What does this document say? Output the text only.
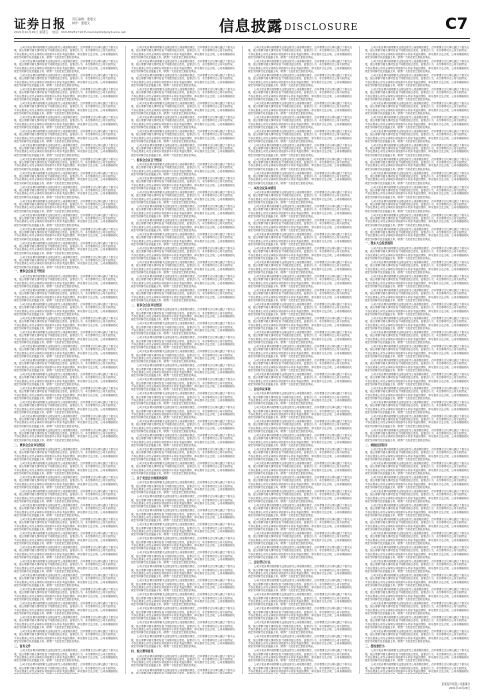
证券日报 责任编辑：董蕴文
制作：董蕴文
2021年10月29日 星期五 电话：010-83251716 E-mail:zqrb9@zqrb.sina.net	信息披露DISCLOSURE	C7

公司于报告期内按照相关法律法规及公司章程的规定，召开董事会会议审议通过了相关议案，独立董事对相关事项发表了同意的独立意见。监事会认为，本次事项符合公司实际情况，不存在损害公司及全体股东特别是中小股东利益的情形，审议程序合法合规。公司将根据相关规定及时履行信息披露义务，敬请广大投资者注意投资风险。

公司于报告期内按照相关法律法规及公司章程的规定，召开董事会会议审议通过了相关议案，独立董事对相关事项发表了同意的独立意见。监事会认为，本次事项符合公司实际情况，不存在损害公司及全体股东特别是中小股东利益的情形，审议程序合法合规。公司将根据相关规定及时履行信息披露义务，敬请广大投资者注意投资风险。

公司于报告期内按照相关法律法规及公司章程的规定，召开董事会会议审议通过了相关议案，独立董事对相关事项发表了同意的独立意见。监事会认为，本次事项符合公司实际情况，不存在损害公司及全体股东特别是中小股东利益的情形，审议程序合法合规。公司将根据相关规定及时履行信息披露义务，敬请广大投资者注意投资风险。

公司于报告期内按照相关法律法规及公司章程的规定，召开董事会会议审议通过了相关议案，独立董事对相关事项发表了同意的独立意见。监事会认为，本次事项符合公司实际情况，不存在损害公司及全体股东特别是中小股东利益的情形，审议程序合法合规。公司将根据相关规定及时履行信息披露义务，敬请广大投资者注意投资风险。

公司于报告期内按照相关法律法规及公司章程的规定，召开董事会会议审议通过了相关议案，独立董事对相关事项发表了同意的独立意见。监事会认为，本次事项符合公司实际情况，不存在损害公司及全体股东特别是中小股东利益的情形，审议程序合法合规。公司将根据相关规定及时履行信息披露义务，敬请广大投资者注意投资风险。

公司于报告期内按照相关法律法规及公司章程的规定，召开董事会会议审议通过了相关议案，独立董事对相关事项发表了同意的独立意见。监事会认为，本次事项符合公司实际情况，不存在损害公司及全体股东特别是中小股东利益的情形，审议程序合法合规。公司将根据相关规定及时履行信息披露义务，敬请广大投资者注意投资风险。

公司于报告期内按照相关法律法规及公司章程的规定，召开董事会会议审议通过了相关议案，独立董事对相关事项发表了同意的独立意见。监事会认为，本次事项符合公司实际情况，不存在损害公司及全体股东特别是中小股东利益的情形，审议程序合法合规。公司将根据相关规定及时履行信息披露义务，敬请广大投资者注意投资风险。

公司于报告期内按照相关法律法规及公司章程的规定，召开董事会会议审议通过了相关议案，独立董事对相关事项发表了同意的独立意见。监事会认为，本次事项符合公司实际情况，不存在损害公司及全体股东特别是中小股东利益的情形，审议程序合法合规。公司将根据相关规定及时履行信息披露义务，敬请广大投资者注意投资风险。

公司于报告期内按照相关法律法规及公司章程的规定，召开董事会会议审议通过了相关议案，独立董事对相关事项发表了同意的独立意见。监事会认为，本次事项符合公司实际情况，不存在损害公司及全体股东特别是中小股东利益的情形，审议程序合法合规。公司将根据相关规定及时履行信息披露义务，敬请广大投资者注意投资风险。

公司于报告期内按照相关法律法规及公司章程的规定，召开董事会会议审议通过了相关议案，独立董事对相关事项发表了同意的独立意见。监事会认为，本次事项符合公司实际情况，不存在损害公司及全体股东特别是中小股东利益的情形，审议程序合法合规。公司将根据相关规定及时履行信息披露义务，敬请广大投资者注意投资风险。

公司于报告期内按照相关法律法规及公司章程的规定，召开董事会会议审议通过了相关议案，独立董事对相关事项发表了同意的独立意见。监事会认为，本次事项符合公司实际情况，不存在损害公司及全体股东特别是中小股东利益的情形，审议程序合法合规。公司将根据相关规定及时履行信息披露义务，敬请广大投资者注意投资风险。

公司于报告期内按照相关法律法规及公司章程的规定，召开董事会会议审议通过了相关议案，独立董事对相关事项发表了同意的独立意见。监事会认为，本次事项符合公司实际情况，不存在损害公司及全体股东特别是中小股东利益的情形，审议程序合法合规。公司将根据相关规定及时履行信息披露义务，敬请广大投资者注意投资风险。

公司于报告期内按照相关法律法规及公司章程的规定，召开董事会会议审议通过了相关议案，独立董事对相关事项发表了同意的独立意见。监事会认为，本次事项符合公司实际情况，不存在损害公司及全体股东特别是中小股东利益的情形，审议程序合法合规。公司将根据相关规定及时履行信息披露义务，敬请广大投资者注意投资风险。

公司于报告期内按照相关法律法规及公司章程的规定，召开董事会会议审议通过了相关议案，独立董事对相关事项发表了同意的独立意见。监事会认为，本次事项符合公司实际情况，不存在损害公司及全体股东特别是中小股东利益的情形，审议程序合法合规。公司将根据相关规定及时履行信息披露义务，敬请广大投资者注意投资风险。

公司于报告期内按照相关法律法规及公司章程的规定，召开董事会会议审议通过了相关议案，独立董事对相关事项发表了同意的独立意见。监事会认为，本次事项符合公司实际情况，不存在损害公司及全体股东特别是中小股东利益的情形，审议程序合法合规。公司将根据相关规定及时履行信息披露义务，敬请广大投资者注意投资风险。

公司于报告期内按照相关法律法规及公司章程的规定，召开董事会会议审议通过了相关议案，独立董事对相关事项发表了同意的独立意见。监事会认为，本次事项符合公司实际情况，不存在损害公司及全体股东特别是中小股东利益的情形，审议程序合法合规。公司将根据相关规定及时履行信息披露义务，敬请广大投资者注意投资风险。

一、董事会会议召开情况

公司于报告期内按照相关法律法规及公司章程的规定，召开董事会会议审议通过了相关议案，独立董事对相关事项发表了同意的独立意见。监事会认为，本次事项符合公司实际情况，不存在损害公司及全体股东特别是中小股东利益的情形，审议程序合法合规。公司将根据相关规定及时履行信息披露义务，敬请广大投资者注意投资风险。

公司于报告期内按照相关法律法规及公司章程的规定，召开董事会会议审议通过了相关议案，独立董事对相关事项发表了同意的独立意见。监事会认为，本次事项符合公司实际情况，不存在损害公司及全体股东特别是中小股东利益的情形，审议程序合法合规。公司将根据相关规定及时履行信息披露义务，敬请广大投资者注意投资风险。

公司于报告期内按照相关法律法规及公司章程的规定，召开董事会会议审议通过了相关议案，独立董事对相关事项发表了同意的独立意见。监事会认为，本次事项符合公司实际情况，不存在损害公司及全体股东特别是中小股东利益的情形，审议程序合法合规。公司将根据相关规定及时履行信息披露义务，敬请广大投资者注意投资风险。

公司于报告期内按照相关法律法规及公司章程的规定，召开董事会会议审议通过了相关议案，独立董事对相关事项发表了同意的独立意见。监事会认为，本次事项符合公司实际情况，不存在损害公司及全体股东特别是中小股东利益的情形，审议程序合法合规。公司将根据相关规定及时履行信息披露义务，敬请广大投资者注意投资风险。

公司于报告期内按照相关法律法规及公司章程的规定，召开董事会会议审议通过了相关议案，独立董事对相关事项发表了同意的独立意见。监事会认为，本次事项符合公司实际情况，不存在损害公司及全体股东特别是中小股东利益的情形，审议程序合法合规。公司将根据相关规定及时履行信息披露义务，敬请广大投资者注意投资风险。

公司于报告期内按照相关法律法规及公司章程的规定，召开董事会会议审议通过了相关议案，独立董事对相关事项发表了同意的独立意见。监事会认为，本次事项符合公司实际情况，不存在损害公司及全体股东特别是中小股东利益的情形，审议程序合法合规。公司将根据相关规定及时履行信息披露义务，敬请广大投资者注意投资风险。

公司于报告期内按照相关法律法规及公司章程的规定，召开董事会会议审议通过了相关议案，独立董事对相关事项发表了同意的独立意见。监事会认为，本次事项符合公司实际情况，不存在损害公司及全体股东特别是中小股东利益的情形，审议程序合法合规。公司将根据相关规定及时履行信息披露义务，敬请广大投资者注意投资风险。

公司于报告期内按照相关法律法规及公司章程的规定，召开董事会会议审议通过了相关议案，独立董事对相关事项发表了同意的独立意见。监事会认为，本次事项符合公司实际情况，不存在损害公司及全体股东特别是中小股东利益的情形，审议程序合法合规。公司将根据相关规定及时履行信息披露义务，敬请广大投资者注意投资风险。

公司于报告期内按照相关法律法规及公司章程的规定，召开董事会会议审议通过了相关议案，独立董事对相关事项发表了同意的独立意见。监事会认为，本次事项符合公司实际情况，不存在损害公司及全体股东特别是中小股东利益的情形，审议程序合法合规。公司将根据相关规定及时履行信息披露义务，敬请广大投资者注意投资风险。

公司于报告期内按照相关法律法规及公司章程的规定，召开董事会会议审议通过了相关议案，独立董事对相关事项发表了同意的独立意见。监事会认为，本次事项符合公司实际情况，不存在损害公司及全体股东特别是中小股东利益的情形，审议程序合法合规。公司将根据相关规定及时履行信息披露义务，敬请广大投资者注意投资风险。

公司于报告期内按照相关法律法规及公司章程的规定，召开董事会会议审议通过了相关议案，独立董事对相关事项发表了同意的独立意见。监事会认为，本次事项符合公司实际情况，不存在损害公司及全体股东特别是中小股东利益的情形，审议程序合法合规。公司将根据相关规定及时履行信息披露义务，敬请广大投资者注意投资风险。

公司于报告期内按照相关法律法规及公司章程的规定，召开董事会会议审议通过了相关议案，独立董事对相关事项发表了同意的独立意见。监事会认为，本次事项符合公司实际情况，不存在损害公司及全体股东特别是中小股东利益的情形，审议程序合法合规。公司将根据相关规定及时履行信息披露义务，敬请广大投资者注意投资风险。

二、董事会会议审议情况

公司于报告期内按照相关法律法规及公司章程的规定，召开董事会会议审议通过了相关议案，独立董事对相关事项发表了同意的独立意见。监事会认为，本次事项符合公司实际情况，不存在损害公司及全体股东特别是中小股东利益的情形，审议程序合法合规。公司将根据相关规定及时履行信息披露义务，敬请广大投资者注意投资风险。

公司于报告期内按照相关法律法规及公司章程的规定，召开董事会会议审议通过了相关议案，独立董事对相关事项发表了同意的独立意见。监事会认为，本次事项符合公司实际情况，不存在损害公司及全体股东特别是中小股东利益的情形，审议程序合法合规。公司将根据相关规定及时履行信息披露义务，敬请广大投资者注意投资风险。

公司于报告期内按照相关法律法规及公司章程的规定，召开董事会会议审议通过了相关议案，独立董事对相关事项发表了同意的独立意见。监事会认为，本次事项符合公司实际情况，不存在损害公司及全体股东特别是中小股东利益的情形，审议程序合法合规。公司将根据相关规定及时履行信息披露义务，敬请广大投资者注意投资风险。

公司于报告期内按照相关法律法规及公司章程的规定，召开董事会会议审议通过了相关议案，独立董事对相关事项发表了同意的独立意见。监事会认为，本次事项符合公司实际情况，不存在损害公司及全体股东特别是中小股东利益的情形，审议程序合法合规。公司将根据相关规定及时履行信息披露义务，敬请广大投资者注意投资风险。

公司于报告期内按照相关法律法规及公司章程的规定，召开董事会会议审议通过了相关议案，独立董事对相关事项发表了同意的独立意见。监事会认为，本次事项符合公司实际情况，不存在损害公司及全体股东特别是中小股东利益的情形，审议程序合法合规。公司将根据相关规定及时履行信息披露义务，敬请广大投资者注意投资风险。

公司于报告期内按照相关法律法规及公司章程的规定，召开董事会会议审议通过了相关议案，独立董事对相关事项发表了同意的独立意见。监事会认为，本次事项符合公司实际情况，不存在损害公司及全体股东特别是中小股东利益的情形，审议程序合法合规。公司将根据相关规定及时履行信息披露义务，敬请广大投资者注意投资风险。

公司于报告期内按照相关法律法规及公司章程的规定，召开董事会会议审议通过了相关议案，独立董事对相关事项发表了同意的独立意见。监事会认为，本次事项符合公司实际情况，不存在损害公司及全体股东特别是中小股东利益的情形，审议程序合法合规。公司将根据相关规定及时履行信息披露义务，敬请广大投资者注意投资风险。

公司于报告期内按照相关法律法规及公司章程的规定，召开董事会会议审议通过了相关议案，独立董事对相关事项发表了同意的独立意见。监事会认为，本次事项符合公司实际情况，不存在损害公司及全体股东特别是中小股东利益的情形，审议程序合法合规。公司将根据相关规定及时履行信息披露义务，敬请广大投资者注意投资风险。

公司于报告期内按照相关法律法规及公司章程的规定，召开董事会会议审议通过了相关议案，独立董事对相关事项发表了同意的独立意见。监事会认为，本次事项符合公司实际情况，不存在损害公司及全体股东特别是中小股东利益的情形，审议程序合法合规。公司将根据相关规定及时履行信息披露义务，敬请广大投资者注意投资风险。

公司于报告期内按照相关法律法规及公司章程的规定，召开董事会会议审议通过了相关议案，独立董事对相关事项发表了同意的独立意见。监事会认为，本次事项符合公司实际情况，不存在损害公司及全体股东特别是中小股东利益的情形，审议程序合法合规。公司将根据相关规定及时履行信息披露义务，敬请广大投资者注意投资风险。

公司于报告期内按照相关法律法规及公司章程的规定，召开董事会会议审议通过了相关议案，独立董事对相关事项发表了同意的独立意见。监事会认为，本次事项符合公司实际情况，不存在损害公司及全体股东特别是中小股东利益的情形，审议程序合法合规。公司将根据相关规定及时履行信息披露义务，敬请广大投资者注意投资风险。

公司于报告期内按照相关法律法规及公司章程的规定，召开董事会会议审议通过了相关议案，独立董事对相关事项发表了同意的独立意见。监事会认为，本次事项符合公司实际情况，不存在损害公司及全体股东特别是中小股东利益的情形，审议程序合法合规。公司将根据相关规定及时履行信息披露义务，敬请广大投资者注意投资风险。

公司于报告期内按照相关法律法规及公司章程的规定，召开董事会会议审议通过了相关议案，独立董事对相关事项发表了同意的独立意见。监事会认为，本次事项符合公司实际情况，不存在损害公司及全体股东特别是中小股东利益的情形，审议程序合法合规。公司将根据相关规定及时履行信息披露义务，敬请广大投资者注意投资风险。

公司于报告期内按照相关法律法规及公司章程的规定，召开董事会会议审议通过了相关议案，独立董事对相关事项发表了同意的独立意见。监事会认为，本次事项符合公司实际情况，不存在损害公司及全体股东特别是中小股东利益的情形，审议程序合法合规。公司将根据相关规定及时履行信息披露义务，敬请广大投资者注意投资风险。

三、备查文件

公司于报告期内按照相关法律法规及公司章程的规定，召开董事会会议审议通过了相关议案，独立董事对相关事项发表了同意的独立意见。监事会认为，本次事项符合公司实际情况，不存在损害公司及全体股东特别是中小股东利益的情形，审议程序合法合规。公司将根据相关规定及时履行信息披露义务，敬请广大投资者注意投资风险。

公司于报告期内按照相关法律法规及公司章程的规定，召开董事会会议审议通过了相关议案，独立董事对相关事项发表了同意的独立意见。监事会认为，本次事项符合公司实际情况，不存在损害公司及全体股东特别是中小股东利益的情形，审议程序合法合规。公司将根据相关

公司于报告期内按照相关法律法规及公司章程的规定，召开董事会会议审议通过了相关议案，独立董事对相关事项发表了同意的独立意见。监事会认为，本次事项符合公司实际情况，不存在损害公司及全体股东特别是中小股东利益的情形，审议程序合法合规。公司将根据相关规定及时履行信息披露义务，敬请广大投资者注意投资风险。

公司于报告期内按照相关法律法规及公司章程的规定，召开董事会会议审议通过了相关议案，独立董事对相关事项发表了同意的独立意见。监事会认为，本次事项符合公司实际情况，不存在损害公司及全体股东特别是中小股东利益的情形，审议程序合法合规。公司将根据相关规定及时履行信息披露义务，敬请广大投资者注意投资风险。

公司于报告期内按照相关法律法规及公司章程的规定，召开董事会会议审议通过了相关议案，独立董事对相关事项发表了同意的独立意见。监事会认为，本次事项符合公司实际情况，不存在损害公司及全体股东特别是中小股东利益的情形，审议程序合法合规。公司将根据相关规定及时履行信息披露义务，敬请广大投资者注意投资风险。

公司于报告期内按照相关法律法规及公司章程的规定，召开董事会会议审议通过了相关议案，独立董事对相关事项发表了同意的独立意见。监事会认为，本次事项符合公司实际情况，不存在损害公司及全体股东特别是中小股东利益的情形，审议程序合法合规。公司将根据相关规定及时履行信息披露义务，敬请广大投资者注意投资风险。

公司于报告期内按照相关法律法规及公司章程的规定，召开董事会会议审议通过了相关议案，独立董事对相关事项发表了同意的独立意见。监事会认为，本次事项符合公司实际情况，不存在损害公司及全体股东特别是中小股东利益的情形，审议程序合法合规。公司将根据相关规定及时履行信息披露义务，敬请广大投资者注意投资风险。

公司于报告期内按照相关法律法规及公司章程的规定，召开董事会会议审议通过了相关议案，独立董事对相关事项发表了同意的独立意见。监事会认为，本次事项符合公司实际情况，不存在损害公司及全体股东特别是中小股东利益的情形，审议程序合法合规。公司将根据相关规定及时履行信息披露义务，敬请广大投资者注意投资风险。

公司于报告期内按照相关法律法规及公司章程的规定，召开董事会会议审议通过了相关议案，独立董事对相关事项发表了同意的独立意见。监事会认为，本次事项符合公司实际情况，不存在损害公司及全体股东特别是中小股东利益的情形，审议程序合法合规。公司将根据相关规定及时履行信息披露义务，敬请广大投资者注意投资风险。

公司于报告期内按照相关法律法规及公司章程的规定，召开董事会会议审议通过了相关议案，独立董事对相关事项发表了同意的独立意见。监事会认为，本次事项符合公司实际情况，不存在损害公司及全体股东特别是中小股东利益的情形，审议程序合法合规。公司将根据相关规定及时履行信息披露义务，敬请广大投资者注意投资风险。

一、监事会会议召开情况

公司于报告期内按照相关法律法规及公司章程的规定，召开董事会会议审议通过了相关议案，独立董事对相关事项发表了同意的独立意见。监事会认为，本次事项符合公司实际情况，不存在损害公司及全体股东特别是中小股东利益的情形，审议程序合法合规。公司将根据相关规定及时履行信息披露义务，敬请广大投资者注意投资风险。

公司于报告期内按照相关法律法规及公司章程的规定，召开董事会会议审议通过了相关议案，独立董事对相关事项发表了同意的独立意见。监事会认为，本次事项符合公司实际情况，不存在损害公司及全体股东特别是中小股东利益的情形，审议程序合法合规。公司将根据相关规定及时履行信息披露义务，敬请广大投资者注意投资风险。

公司于报告期内按照相关法律法规及公司章程的规定，召开董事会会议审议通过了相关议案，独立董事对相关事项发表了同意的独立意见。监事会认为，本次事项符合公司实际情况，不存在损害公司及全体股东特别是中小股东利益的情形，审议程序合法合规。公司将根据相关规定及时履行信息披露义务，敬请广大投资者注意投资风险。

公司于报告期内按照相关法律法规及公司章程的规定，召开董事会会议审议通过了相关议案，独立董事对相关事项发表了同意的独立意见。监事会认为，本次事项符合公司实际情况，不存在损害公司及全体股东特别是中小股东利益的情形，审议程序合法合规。公司将根据相关规定及时履行信息披露义务，敬请广大投资者注意投资风险。

公司于报告期内按照相关法律法规及公司章程的规定，召开董事会会议审议通过了相关议案，独立董事对相关事项发表了同意的独立意见。监事会认为，本次事项符合公司实际情况，不存在损害公司及全体股东特别是中小股东利益的情形，审议程序合法合规。公司将根据相关规定及时履行信息披露义务，敬请广大投资者注意投资风险。

公司于报告期内按照相关法律法规及公司章程的规定，召开董事会会议审议通过了相关议案，独立董事对相关事项发表了同意的独立意见。监事会认为，本次事项符合公司实际情况，不存在损害公司及全体股东特别是中小股东利益的情形，审议程序合法合规。公司将根据相关规定及时履行信息披露义务，敬请广大投资者注意投资风险。

公司于报告期内按照相关法律法规及公司章程的规定，召开董事会会议审议通过了相关议案，独立董事对相关事项发表了同意的独立意见。监事会认为，本次事项符合公司实际情况，不存在损害公司及全体股东特别是中小股东利益的情形，审议程序合法合规。公司将根据相关规定及时履行信息披露义务，敬请广大投资者注意投资风险。

公司于报告期内按照相关法律法规及公司章程的规定，召开董事会会议审议通过了相关议案，独立董事对相关事项发表了同意的独立意见。监事会认为，本次事项符合公司实际情况，不存在损害公司及全体股东特别是中小股东利益的情形，审议程序合法合规。公司将根据相关规定及时履行信息披露义务，敬请广大投资者注意投资风险。

公司于报告期内按照相关法律法规及公司章程的规定，召开董事会会议审议通过了相关议案，独立董事对相关事项发表了同意的独立意见。监事会认为，本次事项符合公司实际情况，不存在损害公司及全体股东特别是中小股东利益的情形，审议程序合法合规。公司将根据相关规定及时履行信息披露义务，敬请广大投资者注意投资风险。

公司于报告期内按照相关法律法规及公司章程的规定，召开董事会会议审议通过了相关议案，独立董事对相关事项发表了同意的独立意见。监事会认为，本次事项符合公司实际情况，不存在损害公司及全体股东特别是中小股东利益的情形，审议程序合法合规。公司将根据相关规定及时履行信息披露义务，敬请广大投资者注意投资风险。

二、监事会会议审议情况

公司于报告期内按照相关法律法规及公司章程的规定，召开董事会会议审议通过了相关议案，独立董事对相关事项发表了同意的独立意见。监事会认为，本次事项符合公司实际情况，不存在损害公司及全体股东特别是中小股东利益的情形，审议程序合法合规。公司将根据相关规定及时履行信息披露义务，敬请广大投资者注意投资风险。

公司于报告期内按照相关法律法规及公司章程的规定，召开董事会会议审议通过了相关议案，独立董事对相关事项发表了同意的独立意见。监事会认为，本次事项符合公司实际情况，不存在损害公司及全体股东特别是中小股东利益的情形，审议程序合法合规。公司将根据相关规定及时履行信息披露义务，敬请广大投资者注意投资风险。

公司于报告期内按照相关法律法规及公司章程的规定，召开董事会会议审议通过了相关议案，独立董事对相关事项发表了同意的独立意见。监事会认为，本次事项符合公司实际情况，不存在损害公司及全体股东特别是中小股东利益的情形，审议程序合法合规。公司将根据相关规定及时履行信息披露义务，敬请广大投资者注意投资风险。

公司于报告期内按照相关法律法规及公司章程的规定，召开董事会会议审议通过了相关议案，独立董事对相关事项发表了同意的独立意见。监事会认为，本次事项符合公司实际情况，不存在损害公司及全体股东特别是中小股东利益的情形，审议程序合法合规。公司将根据相关规定及时履行信息披露义务，敬请广大投资者注意投资风险。

公司于报告期内按照相关法律法规及公司章程的规定，召开董事会会议审议通过了相关议案，独立董事对相关事项发表了同意的独立意见。监事会认为，本次事项符合公司实际情况，不存在损害公司及全体股东特别是中小股东利益的情形，审议程序合法合规。公司将根据相关规定及时履行信息披露义务，敬请广大投资者注意投资风险。

公司于报告期内按照相关法律法规及公司章程的规定，召开董事会会议审议通过了相关议案，独立董事对相关事项发表了同意的独立意见。监事会认为，本次事项符合公司实际情况，不存在损害公司及全体股东特别是中小股东利益的情形，审议程序合法合规。公司将根据相关规定及时履行信息披露义务，敬请广大投资者注意投资风险。

公司于报告期内按照相关法律法规及公司章程的规定，召开董事会会议审议通过了相关议案，独立董事对相关事项发表了同意的独立意见。监事会认为，本次事项符合公司实际情况，不存在损害公司及全体股东特别是中小股东利益的情形，审议程序合法合规。公司将根据相关规定及时履行信息披露义务，敬请广大投资者注意投资风险。

公司于报告期内按照相关法律法规及公司章程的规定，召开董事会会议审议通过了相关议案，独立董事对相关事项发表了同意的独立意见。监事会认为，本次事项符合公司实际情况，不存在损害公司及全体股东特别是中小股东利益的情形，审议程序合法合规。公司将根据相关规定及时履行信息披露义务，敬请广大投资者注意投资风险。

公司于报告期内按照相关法律法规及公司章程的规定，召开董事会会议审议通过了相关议案，独立董事对相关事项发表了同意的独立意见。监事会认为，本次事项符合公司实际情况，不存在损害公司及全体股东特别是中小股东利益的情形，审议程序合法合规。公司将根据相关规定及时履行信息披露义务，敬请广大投资者注意投资风险。

公司于报告期内按照相关法律法规及公司章程的规定，召开董事会会议审议通过了相关议案，独立董事对相关事项发表了同意的独立意见。监事会认为，本次事项符合公司实际情况，不存在损害公司及全体股东特别是中小股东利益的情形，审议程序合法合规。公司将根据相关规定及时履行信息披露义务，敬请广大投资者注意投资风险。

公司于报告期内按照相关法律法规及公司章程的规定，召开董事会会议审议通过了相关议案，独立董事对相关事项发表了同意的独立意见。监事会认为，本次事项符合公司实际情况，不存在损害公司及全体股东特别是中小股东利益的情形，审议程序合法合规。公司将根据相关规定及时履行信息披露义务，敬请广大投资者注意投资风险。

公司于报告期内按照相关法律法规及公司章程的规定，召开董事会会议审议通过了相关议案，独立董事对相关事项发表了同意的独立意见。监事会认为，本次事项符合公司实际情况，不存在损害公司及全体股东特别是中小股东利益的情形，审议程序合法合规。公司将根据相关规定及时履行信息披露义务，敬请广大投资者注意投资风险。

三、关于变更会计政策的说明

公司于报告期内按照相关法律法规及公司章程的规定，召开董事会会议审议通过了相关议案，独立董事对相关事项发表了同意的独立意见。监事会认为，本次事项符合公司实际情况，不存在损害公司及全体股东特别是中小股东利益的情形，审议程序合法合规。公司将根据相关规定及时履行信息披露义务，敬请广大投资者注意投资风险。

公司于报告期内按照相关法律法规及公司章程的规定，召开董事会会议审议通过了相关议案，独立董事对相关事项发表了同意的独立意见。监事会认为，本次事项符合公司实际情况，不存在损害公司及全体股东特别是中小股东利益的情形，审议程序合法合规。公司将根据相关规定及时履行信息披露义务，敬请广大投资者注意投资风险。

公司于报告期内按照相关法律法规及公司章程的规定，召开董事会会议审议通过了相关议案，独立董事对相关事项发表了同意的独立意见。监事会认为，本次事项符合公司实际情况，不存在损害公司及全体股东特别是中小股东利益的情形，审议程序合法合规。公司将根据相关规定及时履行信息披露义务，敬请广大投资者注意投资风险。

公司于报告期内按照相关法律法规及公司章程的规定，召开董事会会议审议通过了相关议案，独立董事对相关事项发表了同意的独立意见。监事会认为，本次事项符合公司实际情况，不存在损害公司及全体股东特别是中小股东利益的情形，审议程序合法合规。公司将根据相关规定及时履行信息披露义务，敬请广大投资者注意投资风险。

公司于报告期内按照相关法律法规及公司章程的规定，召开董事会会议审议通过了相关议案，独立董事对相关事项发表了同意的独立意见。监事会认为，本次事项符合公司实际情况，不存在损害公司及全体股东特别是中小股东利益的情形，审议程序合法合规。公司将根据相关规定及时履行信息披露义务，敬请广大投资者注意投资风险。

公司于报告期内按照相关法律法规及公司章程的规定，召开董事会会议审议通过了相关议案，独立董事对相关事项发表了同意的独立意见。监事会认为，本次事项符合公司实际情况，不存在损害公司及全体股东特别是中小股东利益的情形，审议程序合法合规。公司将根据相关规定及时履行信息披露义务，敬请广大投资者注意投资风险。

公司于报告期内按照相关法律法规及公司章程的规定，召开董事会会议审议通过了相关议案，独立董事对相关事项发表了同意的独立意见。监事会认为，本次事项符合公司实际情况，不存在损害公司及全体股东特别是中小股东利益的情形，审议程序合法合规。公司将根据相关规定及时履行信息披露义务，敬请广大投资者注意投资风险。

公司于报告期内按照相关法律法规及公司章程的规定，召开董事会会议审议通过了相关议案，独立董事对相关事项发表了同意的独立意见。监事会认为，本次事项符合公司实际情况，不存在损害公司及全体股东特别是中小股东利益的情形，审议程序合法合规。公司将根据相关规定及时履行信息披露义务，敬请广大投资者注意投资风险。

公司于报告期内按照相关法律法规及公司章程的规定，召开董事会会议审议通过了相关议案，独立董事对相关事项发表了同意的独立意见。监事会认为，本次事项符合公司实际情况，不存在损害公司及全体股东特别是中小股东利益的情形，审议程序合法合规。公司将根据相关规定及时履行信息披露义务，敬请广大投资者注意投资风险。

公司于报告期内按照相关法律法规及公司章程的规定，召开董事会会议审议通过了相关议案，独立董事对相关事项发表了同意的独立意见。监事会认为，本次事项符合公司实际情况，不存在损害公司及全体股东特别是中小股东利益的情形，审议程序合法合规。公司将根据相关规定及时履行信息披露义务，敬请广大投资者注意投资风险。

公司于报告期内按照相关法律法规及公司章程的规定，召开董事会会议审议通过了相关议案，独立董事对相关事项发表了同意的独立意见。监事会认为，本次事项符合公司实际情况，不存在损害公司及全体股东特别是中小股东利益的情形，审议程序合法合规。公司将根据相关规定及时履行信息披露义务，敬请广大投资者注意投资风险。

公司于报告期内按照相关法律法规及公司章程的规定，召开董事会会议审议通过了相关议案，独立董事对相关事项发表了同意的独立意见。监事会认为，本次事项符合公司实际情况，不存在损害公司及全体股东特别是中小股东利益的情形，审议程序合法合规。公司将根据相关规定及时履行信息披露义务，敬请广大投资者注意投资风险。

四、独立董事意见

公司于报告期内按照相关法律法规及公司章程的规定，召开董事会会议审议通过了相关议案，独立董事对相关事项发表了同意的独立意见。监事会认为，本次事项符合公司实际情况，不存在损害公司及全体股东特别是中小股东利益的情形，审议程序合法合规。公司将根据相关规定及时履行信息披露义务，敬请广大投资者注意投资风险。

公司于报告期内按照相关法律法规及公司章程的规定，召开董事会会议审议通过了相关议案，独立董事对相关事项发表了同意的独立意见。监事会认为，本次事项符合公司实际情况，

公司于报告期内按照相关法律法规及公司章程的规定，召开董事会会议审议通过了相关议案，独立董事对相关事项发表了同意的独立意见。监事会认为，本次事项符合公司实际情况，不存在损害公司及全体股东特别是中小股东利益的情形，审议程序合法合规。公司将根据相关规定及时履行信息披露义务，敬请广大投资者注意投资风险。

公司于报告期内按照相关法律法规及公司章程的规定，召开董事会会议审议通过了相关议案，独立董事对相关事项发表了同意的独立意见。监事会认为，本次事项符合公司实际情况，不存在损害公司及全体股东特别是中小股东利益的情形，审议程序合法合规。公司将根据相关规定及时履行信息披露义务，敬请广大投资者注意投资风险。

公司于报告期内按照相关法律法规及公司章程的规定，召开董事会会议审议通过了相关议案，独立董事对相关事项发表了同意的独立意见。监事会认为，本次事项符合公司实际情况，不存在损害公司及全体股东特别是中小股东利益的情形，审议程序合法合规。公司将根据相关规定及时履行信息披露义务，敬请广大投资者注意投资风险。

公司于报告期内按照相关法律法规及公司章程的规定，召开董事会会议审议通过了相关议案，独立董事对相关事项发表了同意的独立意见。监事会认为，本次事项符合公司实际情况，不存在损害公司及全体股东特别是中小股东利益的情形，审议程序合法合规。公司将根据相关规定及时履行信息披露义务，敬请广大投资者注意投资风险。

公司于报告期内按照相关法律法规及公司章程的规定，召开董事会会议审议通过了相关议案，独立董事对相关事项发表了同意的独立意见。监事会认为，本次事项符合公司实际情况，不存在损害公司及全体股东特别是中小股东利益的情形，审议程序合法合规。公司将根据相关规定及时履行信息披露义务，敬请广大投资者注意投资风险。

公司于报告期内按照相关法律法规及公司章程的规定，召开董事会会议审议通过了相关议案，独立董事对相关事项发表了同意的独立意见。监事会认为，本次事项符合公司实际情况，不存在损害公司及全体股东特别是中小股东利益的情形，审议程序合法合规。公司将根据相关规定及时履行信息披露义务，敬请广大投资者注意投资风险。

公司于报告期内按照相关法律法规及公司章程的规定，召开董事会会议审议通过了相关议案，独立董事对相关事项发表了同意的独立意见。监事会认为，本次事项符合公司实际情况，不存在损害公司及全体股东特别是中小股东利益的情形，审议程序合法合规。公司将根据相关规定及时履行信息披露义务，敬请广大投资者注意投资风险。

公司于报告期内按照相关法律法规及公司章程的规定，召开董事会会议审议通过了相关议案，独立董事对相关事项发表了同意的独立意见。监事会认为，本次事项符合公司实际情况，不存在损害公司及全体股东特别是中小股东利益的情形，审议程序合法合规。公司将根据相关规定及时履行信息披露义务，敬请广大投资者注意投资风险。

公司于报告期内按照相关法律法规及公司章程的规定，召开董事会会议审议通过了相关议案，独立董事对相关事项发表了同意的独立意见。监事会认为，本次事项符合公司实际情况，不存在损害公司及全体股东特别是中小股东利益的情形，审议程序合法合规。公司将根据相关规定及时履行信息披露义务，敬请广大投资者注意投资风险。

公司于报告期内按照相关法律法规及公司章程的规定，召开董事会会议审议通过了相关议案，独立董事对相关事项发表了同意的独立意见。监事会认为，本次事项符合公司实际情况，不存在损害公司及全体股东特别是中小股东利益的情形，审议程序合法合规。公司将根据相关规定及时履行信息披露义务，敬请广大投资者注意投资风险。

一、本次会议基本情况

公司于报告期内按照相关法律法规及公司章程的规定，召开董事会会议审议通过了相关议案，独立董事对相关事项发表了同意的独立意见。监事会认为，本次事项符合公司实际情况，不存在损害公司及全体股东特别是中小股东利益的情形，审议程序合法合规。公司将根据相关规定及时履行信息披露义务，敬请广大投资者注意投资风险。

公司于报告期内按照相关法律法规及公司章程的规定，召开董事会会议审议通过了相关议案，独立董事对相关事项发表了同意的独立意见。监事会认为，本次事项符合公司实际情况，不存在损害公司及全体股东特别是中小股东利益的情形，审议程序合法合规。公司将根据相关规定及时履行信息披露义务，敬请广大投资者注意投资风险。

公司于报告期内按照相关法律法规及公司章程的规定，召开董事会会议审议通过了相关议案，独立董事对相关事项发表了同意的独立意见。监事会认为，本次事项符合公司实际情况，不存在损害公司及全体股东特别是中小股东利益的情形，审议程序合法合规。公司将根据相关规定及时履行信息披露义务，敬请广大投资者注意投资风险。

公司于报告期内按照相关法律法规及公司章程的规定，召开董事会会议审议通过了相关议案，独立董事对相关事项发表了同意的独立意见。监事会认为，本次事项符合公司实际情况，不存在损害公司及全体股东特别是中小股东利益的情形，审议程序合法合规。公司将根据相关规定及时履行信息披露义务，敬请广大投资者注意投资风险。

公司于报告期内按照相关法律法规及公司章程的规定，召开董事会会议审议通过了相关议案，独立董事对相关事项发表了同意的独立意见。监事会认为，本次事项符合公司实际情况，不存在损害公司及全体股东特别是中小股东利益的情形，审议程序合法合规。公司将根据相关规定及时履行信息披露义务，敬请广大投资者注意投资风险。

公司于报告期内按照相关法律法规及公司章程的规定，召开董事会会议审议通过了相关议案，独立董事对相关事项发表了同意的独立意见。监事会认为，本次事项符合公司实际情况，不存在损害公司及全体股东特别是中小股东利益的情形，审议程序合法合规。公司将根据相关规定及时履行信息披露义务，敬请广大投资者注意投资风险。

公司于报告期内按照相关法律法规及公司章程的规定，召开董事会会议审议通过了相关议案，独立董事对相关事项发表了同意的独立意见。监事会认为，本次事项符合公司实际情况，不存在损害公司及全体股东特别是中小股东利益的情形，审议程序合法合规。公司将根据相关规定及时履行信息披露义务，敬请广大投资者注意投资风险。

公司于报告期内按照相关法律法规及公司章程的规定，召开董事会会议审议通过了相关议案，独立董事对相关事项发表了同意的独立意见。监事会认为，本次事项符合公司实际情况，不存在损害公司及全体股东特别是中小股东利益的情形，审议程序合法合规。公司将根据相关规定及时履行信息披露义务，敬请广大投资者注意投资风险。

公司于报告期内按照相关法律法规及公司章程的规定，召开董事会会议审议通过了相关议案，独立董事对相关事项发表了同意的独立意见。监事会认为，本次事项符合公司实际情况，不存在损害公司及全体股东特别是中小股东利益的情形，审议程序合法合规。公司将根据相关规定及时履行信息披露义务，敬请广大投资者注意投资风险。

公司于报告期内按照相关法律法规及公司章程的规定，召开董事会会议审议通过了相关议案，独立董事对相关事项发表了同意的独立意见。监事会认为，本次事项符合公司实际情况，不存在损害公司及全体股东特别是中小股东利益的情形，审议程序合法合规。公司将根据相关规定及时履行信息披露义务，敬请广大投资者注意投资风险。

公司于报告期内按照相关法律法规及公司章程的规定，召开董事会会议审议通过了相关议案，独立董事对相关事项发表了同意的独立意见。监事会认为，本次事项符合公司实际情况，不存在损害公司及全体股东特别是中小股东利益的情形，审议程序合法合规。公司将根据相关规定及时履行信息披露义务，敬请广大投资者注意投资风险。

公司于报告期内按照相关法律法规及公司章程的规定，召开董事会会议审议通过了相关议案，独立董事对相关事项发表了同意的独立意见。监事会认为，本次事项符合公司实际情况，不存在损害公司及全体股东特别是中小股东利益的情形，审议程序合法合规。公司将根据相关规定及时履行信息披露义务，敬请广大投资者注意投资风险。

公司于报告期内按照相关法律法规及公司章程的规定，召开董事会会议审议通过了相关议案，独立董事对相关事项发表了同意的独立意见。监事会认为，本次事项符合公司实际情况，不存在损害公司及全体股东特别是中小股东利益的情形，审议程序合法合规。公司将根据相关规定及时履行信息披露义务，敬请广大投资者注意投资风险。

公司于报告期内按照相关法律法规及公司章程的规定，召开董事会会议审议通过了相关议案，独立董事对相关事项发表了同意的独立意见。监事会认为，本次事项符合公司实际情况，不存在损害公司及全体股东特别是中小股东利益的情形，审议程序合法合规。公司将根据相关规定及时履行信息披露义务，敬请广大投资者注意投资风险。

二、会议审议事项

公司于报告期内按照相关法律法规及公司章程的规定，召开董事会会议审议通过了相关议案，独立董事对相关事项发表了同意的独立意见。监事会认为，本次事项符合公司实际情况，不存在损害公司及全体股东特别是中小股东利益的情形，审议程序合法合规。公司将根据相关规定及时履行信息披露义务，敬请广大投资者注意投资风险。

公司于报告期内按照相关法律法规及公司章程的规定，召开董事会会议审议通过了相关议案，独立董事对相关事项发表了同意的独立意见。监事会认为，本次事项符合公司实际情况，不存在损害公司及全体股东特别是中小股东利益的情形，审议程序合法合规。公司将根据相关规定及时履行信息披露义务，敬请广大投资者注意投资风险。

公司于报告期内按照相关法律法规及公司章程的规定，召开董事会会议审议通过了相关议案，独立董事对相关事项发表了同意的独立意见。监事会认为，本次事项符合公司实际情况，不存在损害公司及全体股东特别是中小股东利益的情形，审议程序合法合规。公司将根据相关规定及时履行信息披露义务，敬请广大投资者注意投资风险。

公司于报告期内按照相关法律法规及公司章程的规定，召开董事会会议审议通过了相关议案，独立董事对相关事项发表了同意的独立意见。监事会认为，本次事项符合公司实际情况，不存在损害公司及全体股东特别是中小股东利益的情形，审议程序合法合规。公司将根据相关规定及时履行信息披露义务，敬请广大投资者注意投资风险。

公司于报告期内按照相关法律法规及公司章程的规定，召开董事会会议审议通过了相关议案，独立董事对相关事项发表了同意的独立意见。监事会认为，本次事项符合公司实际情况，不存在损害公司及全体股东特别是中小股东利益的情形，审议程序合法合规。公司将根据相关规定及时履行信息披露义务，敬请广大投资者注意投资风险。

公司于报告期内按照相关法律法规及公司章程的规定，召开董事会会议审议通过了相关议案，独立董事对相关事项发表了同意的独立意见。监事会认为，本次事项符合公司实际情况，不存在损害公司及全体股东特别是中小股东利益的情形，审议程序合法合规。公司将根据相关规定及时履行信息披露义务，敬请广大投资者注意投资风险。

公司于报告期内按照相关法律法规及公司章程的规定，召开董事会会议审议通过了相关议案，独立董事对相关事项发表了同意的独立意见。监事会认为，本次事项符合公司实际情况，不存在损害公司及全体股东特别是中小股东利益的情形，审议程序合法合规。公司将根据相关规定及时履行信息披露义务，敬请广大投资者注意投资风险。

公司于报告期内按照相关法律法规及公司章程的规定，召开董事会会议审议通过了相关议案，独立董事对相关事项发表了同意的独立意见。监事会认为，本次事项符合公司实际情况，不存在损害公司及全体股东特别是中小股东利益的情形，审议程序合法合规。公司将根据相关规定及时履行信息披露义务，敬请广大投资者注意投资风险。

公司于报告期内按照相关法律法规及公司章程的规定，召开董事会会议审议通过了相关议案，独立董事对相关事项发表了同意的独立意见。监事会认为，本次事项符合公司实际情况，不存在损害公司及全体股东特别是中小股东利益的情形，审议程序合法合规。公司将根据相关规定及时履行信息披露义务，敬请广大投资者注意投资风险。

公司于报告期内按照相关法律法规及公司章程的规定，召开董事会会议审议通过了相关议案，独立董事对相关事项发表了同意的独立意见。监事会认为，本次事项符合公司实际情况，不存在损害公司及全体股东特别是中小股东利益的情形，审议程序合法合规。公司将根据相关规定及时履行信息披露义务，敬请广大投资者注意投资风险。

公司于报告期内按照相关法律法规及公司章程的规定，召开董事会会议审议通过了相关议案，独立董事对相关事项发表了同意的独立意见。监事会认为，本次事项符合公司实际情况，不存在损害公司及全体股东特别是中小股东利益的情形，审议程序合法合规。公司将根据相关规定及时履行信息披露义务，敬请广大投资者注意投资风险。

公司于报告期内按照相关法律法规及公司章程的规定，召开董事会会议审议通过了相关议案，独立董事对相关事项发表了同意的独立意见。监事会认为，本次事项符合公司实际情况，不存在损害公司及全体股东特别是中小股东利益的情形，审议程序合法合规。公司将根据相关规定及时履行信息披露义务，敬请广大投资者注意投资风险。

三、会议登记方法

公司于报告期内按照相关法律法规及公司章程的规定，召开董事会会议审议通过了相关议案，独立董事对相关事项发表了同意的独立意见。监事会认为，本次事项符合公司实际情况，不存在损害公司及全体股东特别是中小股东利益的情形，审议程序合法合规。公司将根据相关规定及时履行信息披露义务，敬请广大投资者注意投资风险。

公司于报告期内按照相关法律法规及公司章程的规定，召开董事会会议审议通过了相关议案，独立董事对相关事项发表了同意的独立意见。监事会认为，本次事项符合公司实际情况，不存在损害公司及全体股东特别是中小股东利益的情形，审议程序合法合规。公司将根据相关规定及时履行信息披露义务，敬请广大投资者注意投资风险。

公司于报告期内按照相关法律法规及公司章程的规定，召开董事会会议审议通过了相关议案，独立董事对相关事项发表了同意的独立意见。监事会认为，本次事项符合公司实际情况，不存在损害公司及全体股东特别是中小股东利益的情形，审议程序合法合规。公司将根据相关规定及时履行信息披露义务，敬请广大投资者注意投资风险。

公司于报告期内按照相关法律法规及公司章程的规定，召开董事会会议审议通过了相关议案，独立董事对相关事项发表了同意的独立意见。监事会认为，本次事项符合公司实际情况，不存在损害公司及全体股东特别是中小股东利益的情形，审议程序合法合规。公司将根据相关规定及时履行信息披露义务，敬请广大投资者注意投资风险。

公司于报告期内按照相关法律法规及公司章程的规定，召开董事会会议审议通过了相关议案，独立董事对相关事项发表了同意的独立意见。监事会认为，本次事项符合公司实际情况，不存在损害公司及全体股东特别是中小股东利益的情形，审议程序合法合规。公司将根据相关规定及时履行信息披露义务，敬请广大投资者注意投资风险。

公司于报告期内按照相关法律法规及公司章程的规定，召开董事会会议审议通过了相关议案，独立董事对相关事项发表了同意的独立意见。监事会认为，本次事项符合公司实际情况，不存在损害公司及全体股东特别是中小股东利益的情形，审议程序合法合规。公司将根据相关规定及时履行信息披露义务，敬请广大投资者注意投资风险。

公司于报告期内按照相关法律法规及公司章程的规定，召开董事会会议审议通过了相关议案，独立董事对相关事项发表了同意的独立意见。监事会认为，本次事项符合公司实际情况，不存在损害公司及全体股东特别是中小股东利益的情形，审议程序合法合规。公司将根据相关规定及时履行信息披露义务，敬请广大投资者注意投资风险。

公司于报告期内按照相关法律法规及公司章程的规定，召开董事会会议审议通过了相关议案，独立董事对相关事项发表了同意的独立意见。监事会认为，本次事项符合公司实际情况，不存在损害公司及全体股东特别是中小股东利益的情形，审议程序合法合规。公司将根据相关

公司于报告期内按照相关法律法规及公司章程的规定，召开董事会会议审议通过了相关议案，独立董事对相关事项发表了同意的独立意见。监事会认为，本次事项符合公司实际情况，不存在损害公司及全体股东特别是中小股东利益的情形，审议程序合法合规。公司将根据相关规定及时履行信息披露义务，敬请广大投资者注意投资风险。

公司于报告期内按照相关法律法规及公司章程的规定，召开董事会会议审议通过了相关议案，独立董事对相关事项发表了同意的独立意见。监事会认为，本次事项符合公司实际情况，不存在损害公司及全体股东特别是中小股东利益的情形，审议程序合法合规。公司将根据相关规定及时履行信息披露义务，敬请广大投资者注意投资风险。

公司于报告期内按照相关法律法规及公司章程的规定，召开董事会会议审议通过了相关议案，独立董事对相关事项发表了同意的独立意见。监事会认为，本次事项符合公司实际情况，不存在损害公司及全体股东特别是中小股东利益的情形，审议程序合法合规。公司将根据相关规定及时履行信息披露义务，敬请广大投资者注意投资风险。

公司于报告期内按照相关法律法规及公司章程的规定，召开董事会会议审议通过了相关议案，独立董事对相关事项发表了同意的独立意见。监事会认为，本次事项符合公司实际情况，不存在损害公司及全体股东特别是中小股东利益的情形，审议程序合法合规。公司将根据相关规定及时履行信息披露义务，敬请广大投资者注意投资风险。

公司于报告期内按照相关法律法规及公司章程的规定，召开董事会会议审议通过了相关议案，独立董事对相关事项发表了同意的独立意见。监事会认为，本次事项符合公司实际情况，不存在损害公司及全体股东特别是中小股东利益的情形，审议程序合法合规。公司将根据相关规定及时履行信息披露义务，敬请广大投资者注意投资风险。

公司于报告期内按照相关法律法规及公司章程的规定，召开董事会会议审议通过了相关议案，独立董事对相关事项发表了同意的独立意见。监事会认为，本次事项符合公司实际情况，不存在损害公司及全体股东特别是中小股东利益的情形，审议程序合法合规。公司将根据相关规定及时履行信息披露义务，敬请广大投资者注意投资风险。

公司于报告期内按照相关法律法规及公司章程的规定，召开董事会会议审议通过了相关议案，独立董事对相关事项发表了同意的独立意见。监事会认为，本次事项符合公司实际情况，不存在损害公司及全体股东特别是中小股东利益的情形，审议程序合法合规。公司将根据相关规定及时履行信息披露义务，敬请广大投资者注意投资风险。

公司于报告期内按照相关法律法规及公司章程的规定，召开董事会会议审议通过了相关议案，独立董事对相关事项发表了同意的独立意见。监事会认为，本次事项符合公司实际情况，不存在损害公司及全体股东特别是中小股东利益的情形，审议程序合法合规。公司将根据相关规定及时履行信息披露义务，敬请广大投资者注意投资风险。

公司于报告期内按照相关法律法规及公司章程的规定，召开董事会会议审议通过了相关议案，独立董事对相关事项发表了同意的独立意见。监事会认为，本次事项符合公司实际情况，不存在损害公司及全体股东特别是中小股东利益的情形，审议程序合法合规。公司将根据相关规定及时履行信息披露义务，敬请广大投资者注意投资风险。

公司于报告期内按照相关法律法规及公司章程的规定，召开董事会会议审议通过了相关议案，独立董事对相关事项发表了同意的独立意见。监事会认为，本次事项符合公司实际情况，不存在损害公司及全体股东特别是中小股东利益的情形，审议程序合法合规。公司将根据相关规定及时履行信息披露义务，敬请广大投资者注意投资风险。

公司于报告期内按照相关法律法规及公司章程的规定，召开董事会会议审议通过了相关议案，独立董事对相关事项发表了同意的独立意见。监事会认为，本次事项符合公司实际情况，不存在损害公司及全体股东特别是中小股东利益的情形，审议程序合法合规。公司将根据相关规定及时履行信息披露义务，敬请广大投资者注意投资风险。

公司于报告期内按照相关法律法规及公司章程的规定，召开董事会会议审议通过了相关议案，独立董事对相关事项发表了同意的独立意见。监事会认为，本次事项符合公司实际情况，不存在损害公司及全体股东特别是中小股东利益的情形，审议程序合法合规。公司将根据相关规定及时履行信息披露义务，敬请广大投资者注意投资风险。

公司于报告期内按照相关法律法规及公司章程的规定，召开董事会会议审议通过了相关议案，独立董事对相关事项发表了同意的独立意见。监事会认为，本次事项符合公司实际情况，不存在损害公司及全体股东特别是中小股东利益的情形，审议程序合法合规。公司将根据相关规定及时履行信息披露义务，敬请广大投资者注意投资风险。

公司于报告期内按照相关法律法规及公司章程的规定，召开董事会会议审议通过了相关议案，独立董事对相关事项发表了同意的独立意见。监事会认为，本次事项符合公司实际情况，不存在损害公司及全体股东特别是中小股东利益的情形，审议程序合法合规。公司将根据相关规定及时履行信息披露义务，敬请广大投资者注意投资风险。

一、股东大会投票流程

公司于报告期内按照相关法律法规及公司章程的规定，召开董事会会议审议通过了相关议案，独立董事对相关事项发表了同意的独立意见。监事会认为，本次事项符合公司实际情况，不存在损害公司及全体股东特别是中小股东利益的情形，审议程序合法合规。公司将根据相关规定及时履行信息披露义务，敬请广大投资者注意投资风险。

公司于报告期内按照相关法律法规及公司章程的规定，召开董事会会议审议通过了相关议案，独立董事对相关事项发表了同意的独立意见。监事会认为，本次事项符合公司实际情况，不存在损害公司及全体股东特别是中小股东利益的情形，审议程序合法合规。公司将根据相关规定及时履行信息披露义务，敬请广大投资者注意投资风险。

公司于报告期内按照相关法律法规及公司章程的规定，召开董事会会议审议通过了相关议案，独立董事对相关事项发表了同意的独立意见。监事会认为，本次事项符合公司实际情况，不存在损害公司及全体股东特别是中小股东利益的情形，审议程序合法合规。公司将根据相关规定及时履行信息披露义务，敬请广大投资者注意投资风险。

公司于报告期内按照相关法律法规及公司章程的规定，召开董事会会议审议通过了相关议案，独立董事对相关事项发表了同意的独立意见。监事会认为，本次事项符合公司实际情况，不存在损害公司及全体股东特别是中小股东利益的情形，审议程序合法合规。公司将根据相关规定及时履行信息披露义务，敬请广大投资者注意投资风险。

公司于报告期内按照相关法律法规及公司章程的规定，召开董事会会议审议通过了相关议案，独立董事对相关事项发表了同意的独立意见。监事会认为，本次事项符合公司实际情况，不存在损害公司及全体股东特别是中小股东利益的情形，审议程序合法合规。公司将根据相关规定及时履行信息披露义务，敬请广大投资者注意投资风险。

公司于报告期内按照相关法律法规及公司章程的规定，召开董事会会议审议通过了相关议案，独立董事对相关事项发表了同意的独立意见。监事会认为，本次事项符合公司实际情况，不存在损害公司及全体股东特别是中小股东利益的情形，审议程序合法合规。公司将根据相关规定及时履行信息披露义务，敬请广大投资者注意投资风险。

公司于报告期内按照相关法律法规及公司章程的规定，召开董事会会议审议通过了相关议案，独立董事对相关事项发表了同意的独立意见。监事会认为，本次事项符合公司实际情况，不存在损害公司及全体股东特别是中小股东利益的情形，审议程序合法合规。公司将根据相关规定及时履行信息披露义务，敬请广大投资者注意投资风险。

公司于报告期内按照相关法律法规及公司章程的规定，召开董事会会议审议通过了相关议案，独立董事对相关事项发表了同意的独立意见。监事会认为，本次事项符合公司实际情况，不存在损害公司及全体股东特别是中小股东利益的情形，审议程序合法合规。公司将根据相关规定及时履行信息披露义务，敬请广大投资者注意投资风险。

公司于报告期内按照相关法律法规及公司章程的规定，召开董事会会议审议通过了相关议案，独立董事对相关事项发表了同意的独立意见。监事会认为，本次事项符合公司实际情况，不存在损害公司及全体股东特别是中小股东利益的情形，审议程序合法合规。公司将根据相关规定及时履行信息披露义务，敬请广大投资者注意投资风险。

公司于报告期内按照相关法律法规及公司章程的规定，召开董事会会议审议通过了相关议案，独立董事对相关事项发表了同意的独立意见。监事会认为，本次事项符合公司实际情况，不存在损害公司及全体股东特别是中小股东利益的情形，审议程序合法合规。公司将根据相关规定及时履行信息披露义务，敬请广大投资者注意投资风险。

公司于报告期内按照相关法律法规及公司章程的规定，召开董事会会议审议通过了相关议案，独立董事对相关事项发表了同意的独立意见。监事会认为，本次事项符合公司实际情况，不存在损害公司及全体股东特别是中小股东利益的情形，审议程序合法合规。公司将根据相关规定及时履行信息披露义务，敬请广大投资者注意投资风险。

公司于报告期内按照相关法律法规及公司章程的规定，召开董事会会议审议通过了相关议案，独立董事对相关事项发表了同意的独立意见。监事会认为，本次事项符合公司实际情况，不存在损害公司及全体股东特别是中小股东利益的情形，审议程序合法合规。公司将根据相关规定及时履行信息披露义务，敬请广大投资者注意投资风险。

公司于报告期内按照相关法律法规及公司章程的规定，召开董事会会议审议通过了相关议案，独立董事对相关事项发表了同意的独立意见。监事会认为，本次事项符合公司实际情况，不存在损害公司及全体股东特别是中小股东利益的情形，审议程序合法合规。公司将根据相关规定及时履行信息披露义务，敬请广大投资者注意投资风险。

公司于报告期内按照相关法律法规及公司章程的规定，召开董事会会议审议通过了相关议案，独立董事对相关事项发表了同意的独立意见。监事会认为，本次事项符合公司实际情况，不存在损害公司及全体股东特别是中小股东利益的情形，审议程序合法合规。公司将根据相关规定及时履行信息披露义务，敬请广大投资者注意投资风险。

二、网络投票程序

公司于报告期内按照相关法律法规及公司章程的规定，召开董事会会议审议通过了相关议案，独立董事对相关事项发表了同意的独立意见。监事会认为，本次事项符合公司实际情况，不存在损害公司及全体股东特别是中小股东利益的情形，审议程序合法合规。公司将根据相关规定及时履行信息披露义务，敬请广大投资者注意投资风险。

公司于报告期内按照相关法律法规及公司章程的规定，召开董事会会议审议通过了相关议案，独立董事对相关事项发表了同意的独立意见。监事会认为，本次事项符合公司实际情况，不存在损害公司及全体股东特别是中小股东利益的情形，审议程序合法合规。公司将根据相关规定及时履行信息披露义务，敬请广大投资者注意投资风险。

公司于报告期内按照相关法律法规及公司章程的规定，召开董事会会议审议通过了相关议案，独立董事对相关事项发表了同意的独立意见。监事会认为，本次事项符合公司实际情况，不存在损害公司及全体股东特别是中小股东利益的情形，审议程序合法合规。公司将根据相关规定及时履行信息披露义务，敬请广大投资者注意投资风险。

公司于报告期内按照相关法律法规及公司章程的规定，召开董事会会议审议通过了相关议案，独立董事对相关事项发表了同意的独立意见。监事会认为，本次事项符合公司实际情况，不存在损害公司及全体股东特别是中小股东利益的情形，审议程序合法合规。公司将根据相关规定及时履行信息披露义务，敬请广大投资者注意投资风险。

公司于报告期内按照相关法律法规及公司章程的规定，召开董事会会议审议通过了相关议案，独立董事对相关事项发表了同意的独立意见。监事会认为，本次事项符合公司实际情况，不存在损害公司及全体股东特别是中小股东利益的情形，审议程序合法合规。公司将根据相关规定及时履行信息披露义务，敬请广大投资者注意投资风险。

公司于报告期内按照相关法律法规及公司章程的规定，召开董事会会议审议通过了相关议案，独立董事对相关事项发表了同意的独立意见。监事会认为，本次事项符合公司实际情况，不存在损害公司及全体股东特别是中小股东利益的情形，审议程序合法合规。公司将根据相关规定及时履行信息披露义务，敬请广大投资者注意投资风险。

公司于报告期内按照相关法律法规及公司章程的规定，召开董事会会议审议通过了相关议案，独立董事对相关事项发表了同意的独立意见。监事会认为，本次事项符合公司实际情况，不存在损害公司及全体股东特别是中小股东利益的情形，审议程序合法合规。公司将根据相关规定及时履行信息披露义务，敬请广大投资者注意投资风险。

公司于报告期内按照相关法律法规及公司章程的规定，召开董事会会议审议通过了相关议案，独立董事对相关事项发表了同意的独立意见。监事会认为，本次事项符合公司实际情况，不存在损害公司及全体股东特别是中小股东利益的情形，审议程序合法合规。公司将根据相关规定及时履行信息披露义务，敬请广大投资者注意投资风险。

公司于报告期内按照相关法律法规及公司章程的规定，召开董事会会议审议通过了相关议案，独立董事对相关事项发表了同意的独立意见。监事会认为，本次事项符合公司实际情况，不存在损害公司及全体股东特别是中小股东利益的情形，审议程序合法合规。公司将根据相关规定及时履行信息披露义务，敬请广大投资者注意投资风险。

公司于报告期内按照相关法律法规及公司章程的规定，召开董事会会议审议通过了相关议案，独立董事对相关事项发表了同意的独立意见。监事会认为，本次事项符合公司实际情况，不存在损害公司及全体股东特别是中小股东利益的情形，审议程序合法合规。公司将根据相关规定及时履行信息披露义务，敬请广大投资者注意投资风险。

公司于报告期内按照相关法律法规及公司章程的规定，召开董事会会议审议通过了相关议案，独立董事对相关事项发表了同意的独立意见。监事会认为，本次事项符合公司实际情况，不存在损害公司及全体股东特别是中小股东利益的情形，审议程序合法合规。公司将根据相关规定及时履行信息披露义务，敬请广大投资者注意投资风险。

公司于报告期内按照相关法律法规及公司章程的规定，召开董事会会议审议通过了相关议案，独立董事对相关事项发表了同意的独立意见。监事会认为，本次事项符合公司实际情况，不存在损害公司及全体股东特别是中小股东利益的情形，审议程序合法合规。公司将根据相关规定及时履行信息披露义务，敬请广大投资者注意投资风险。

公司于报告期内按照相关法律法规及公司章程的规定，召开董事会会议审议通过了相关议案，独立董事对相关事项发表了同意的独立意见。监事会认为，本次事项符合公司实际情况，不存在损害公司及全体股东特别是中小股东利益的情形，审议程序合法合规。公司将根据相关规定及时履行信息披露义务，敬请广大投资者注意投资风险。

公司于报告期内按照相关法律法规及公司章程的规定，召开董事会会议审议通过了相关议案，独立董事对相关事项发表了同意的独立意见。监事会认为，本次事项符合公司实际情况，不存在损害公司及全体股东特别是中小股东利益的情形，审议程序合法合规。公司将根据相关规定及时履行信息披露义务，敬请广大投资者注意投资风险。

三、授权委托书

公司于报告期内按照相关法律法规及公司章程的规定，召开董事会会议审议通过了相关议案，独立董事对相关事项发表了同意的独立意见。监事会认为，本次事项符合公司实际情况，不存在损害公司及全体股东特别是中小股东利益的情形，审议程序合法合规。公司将根据相关规定及时履行信息披露义务，敬请广大投资者注意投资风险。

公司于报告期内按照相关法律法规及公司章程的规定，召开董事会会议审议通过了相关议案，独立董事对相关事项发表了同意的独立意见。监事会认为，本次事项符合公司实际情况，不存在损害公司及全体股东特别是中小股东利益的情形，审议程序合法合规。公司将根据相关

某某股份有限公司董事会
2021年10月29日
